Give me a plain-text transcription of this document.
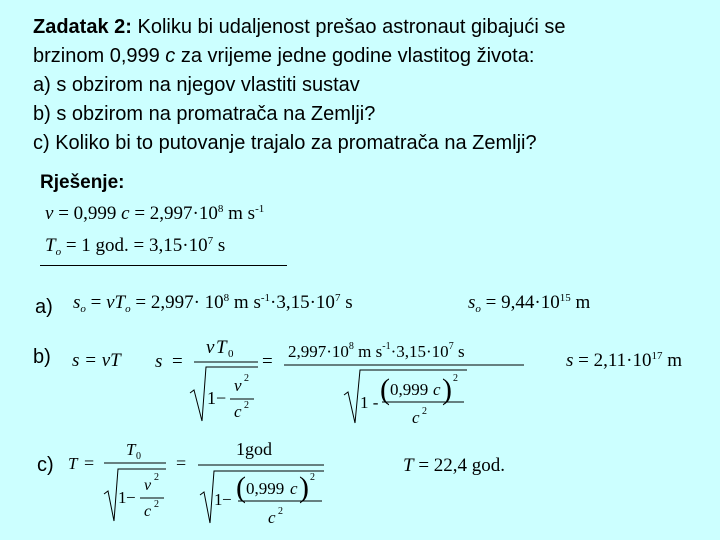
Zadatak 2: Koliku bi udaljenost prešao astronaut gibajući se
brzinom 0,999 c za vrijeme jedne godine vlastitog života:
a) s obzirom na njegov vlastiti sustav
b) s obzirom na promatrača na Zemlji?
c) Koliko bi to putovanje trajalo za promatrača na Zemlji?
Rješenje:
v = 0,999 $c = 2,997\cdot 10^8$ m $s^{-1}$
$T_o = 1$ god. = $3,15\cdot 10^7$ s
a)
b)
c)
$s_o = vT_o = 2,997\cdot 10^8$ m $s^{-1}\cdot 3,15\cdot 10^7$ s	$s_o = 9,44\cdot 10^{15}$ m
s = vT s =
v T 0
1 −
v 2
c 2
= $2,997\cdot 10^8$ m $s^{-1}\cdot 3,15\cdot 10^7$ s
1 - ( 0,999 c ) 2
c 2
$s = 2,11\cdot 10^{17}$ m
T =
T 0
1 −
v 2
c 2
=
1god
1 − ( 0,999 c ) 2
c 2
T = 22,4 god.
